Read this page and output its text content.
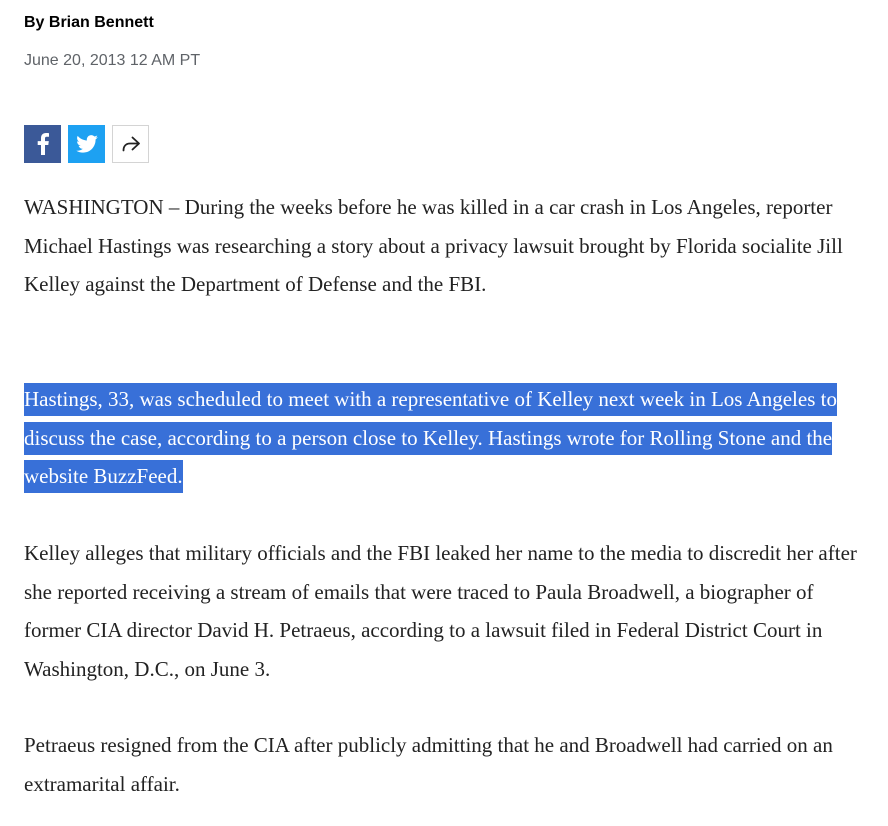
By Brian Bennett
June 20, 2013 12 AM PT

WASHINGTON – During the weeks before he was killed in a car crash in Los Angeles, reporter Michael Hastings was researching a story about a privacy lawsuit brought by Florida socialite Jill Kelley against the Department of Defense and the FBI.

Hastings, 33, was scheduled to meet with a representative of Kelley next week in Los Angeles to discuss the case, according to a person close to Kelley. Hastings wrote for Rolling Stone and the website BuzzFeed.

Kelley alleges that military officials and the FBI leaked her name to the media to discredit her after she reported receiving a stream of emails that were traced to Paula Broadwell, a biographer of former CIA director David H. Petraeus, according to a lawsuit filed in Federal District Court in Washington, D.C., on June 3.

Petraeus resigned from the CIA after publicly admitting that he and Broadwell had carried on an extramarital affair.
